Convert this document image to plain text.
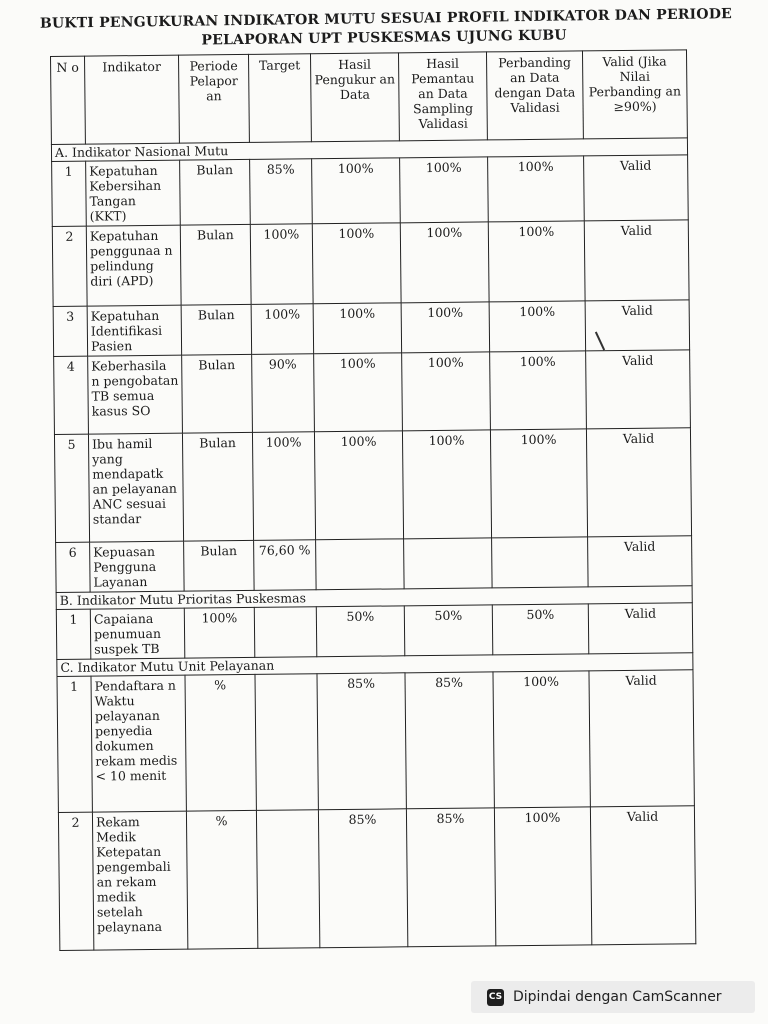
BUKTI PENGUKURAN INDIKATOR MUTU SESUAI PROFIL INDIKATOR DAN PERIODE
PELAPORAN UPT PUSKESMAS UJUNG KUBU
N o	Indikator	Periode Pelapor an	Target	Hasil Pengukur an Data	Hasil Pemantau an Data Sampling Validasi	Perbanding an Data dengan Data Validasi	Valid (Jika Nilai Perbanding an ≥90%)
A. Indikator Nasional Mutu							
1	Kepatuhan Kebersihan Tangan (KKT)	Bulan	85%	100%	100%	100%	Valid
2	Kepatuhan penggunaa n pelindung diri (APD)	Bulan	100%	100%	100%	100%	Valid
3	Kepatuhan Identifikasi Pasien	Bulan	100%	100%	100%	100%	Valid
4	Keberhasila n pengobatan TB semua kasus SO	Bulan	90%	100%	100%	100%	Valid
5	Ibu hamil yang mendapatk an pelayanan ANC sesuai standar	Bulan	100%	100%	100%	100%	Valid
6	Kepuasan Pengguna Layanan	Bulan	76,60 %				Valid
B. Indikator Mutu Prioritas Puskesmas							
1	Capaiana penumuan suspek TB	100%		50%	50%	50%	Valid
C. Indikator Mutu Unit Pelayanan							
1	Pendaftara n Waktu pelayanan penyedia dokumen rekam medis < 10 menit	%		85%	85%	100%	Valid
2	Rekam Medik Ketepatan pengembali an rekam medik setelah pelaynana	%		85%	85%	100%	Valid
CS Dipindai dengan CamScanner
